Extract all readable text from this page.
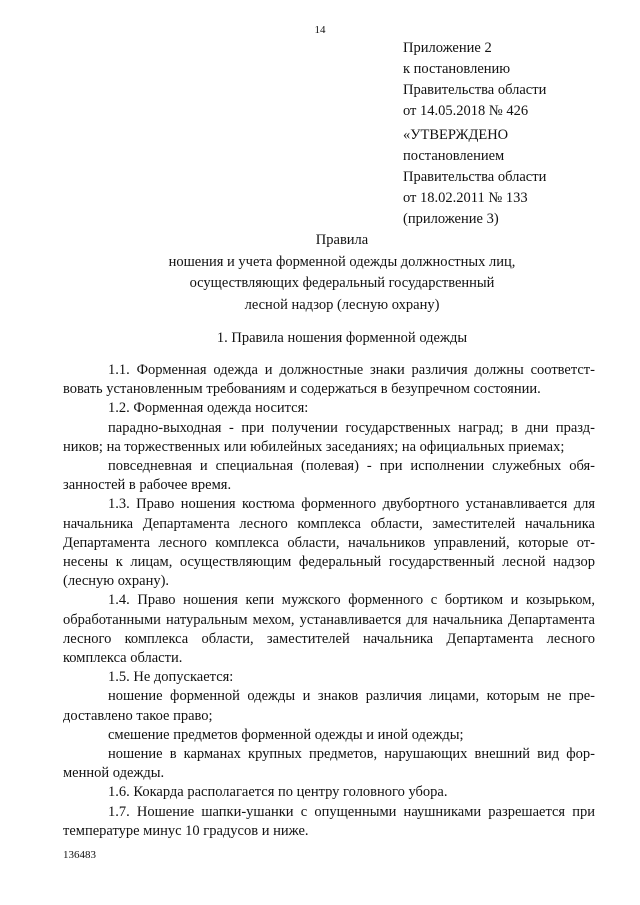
14
Приложение 2
к постановлению
Правительства области
от 14.05.2018 № 426
«УТВЕРЖДЕНО
постановлением
Правительства области
от 18.02.2011 № 133
(приложение 3)
Правила
ношения и учета форменной одежды должностных лиц,
осуществляющих федеральный государственный
лесной надзор (лесную охрану)
1. Правила ношения форменной одежды

1.1. Форменная одежда и должностные знаки различия должны соответствовать установленным требованиям и содержаться в безупречном состоянии.

1.2. Форменная одежда носится:

парадно-выходная - при получении государственных наград; в дни праздников; на торжественных или юбилейных заседаниях; на официальных приемах;

повседневная и специальная (полевая) - при исполнении служебных обязанностей в рабочее время.

1.3. Право ношения костюма форменного двубортного устанавливается для начальника Департамента лесного комплекса области, заместителей начальника Департамента лесного комплекса области, начальников управлений, которые отнесены к лицам, осуществляющим федеральный государственный лесной надзор (лесную охрану).

1.4. Право ношения кепи мужского форменного с бортиком и козырьком, обработанными натуральным мехом, устанавливается для начальника Департамента лесного комплекса области, заместителей начальника Департамента лесного комплекса области.

1.5. Не допускается:

ношение форменной одежды и знаков различия лицами, которым не предоставлено такое право;

смешение предметов форменной одежды и иной одежды;

ношение в карманах крупных предметов, нарушающих внешний вид форменной одежды.

1.6. Кокарда располагается по центру головного убора.

1.7. Ношение шапки-ушанки с опущенными наушниками разрешается при температуре минус 10 градусов и ниже.

136483
